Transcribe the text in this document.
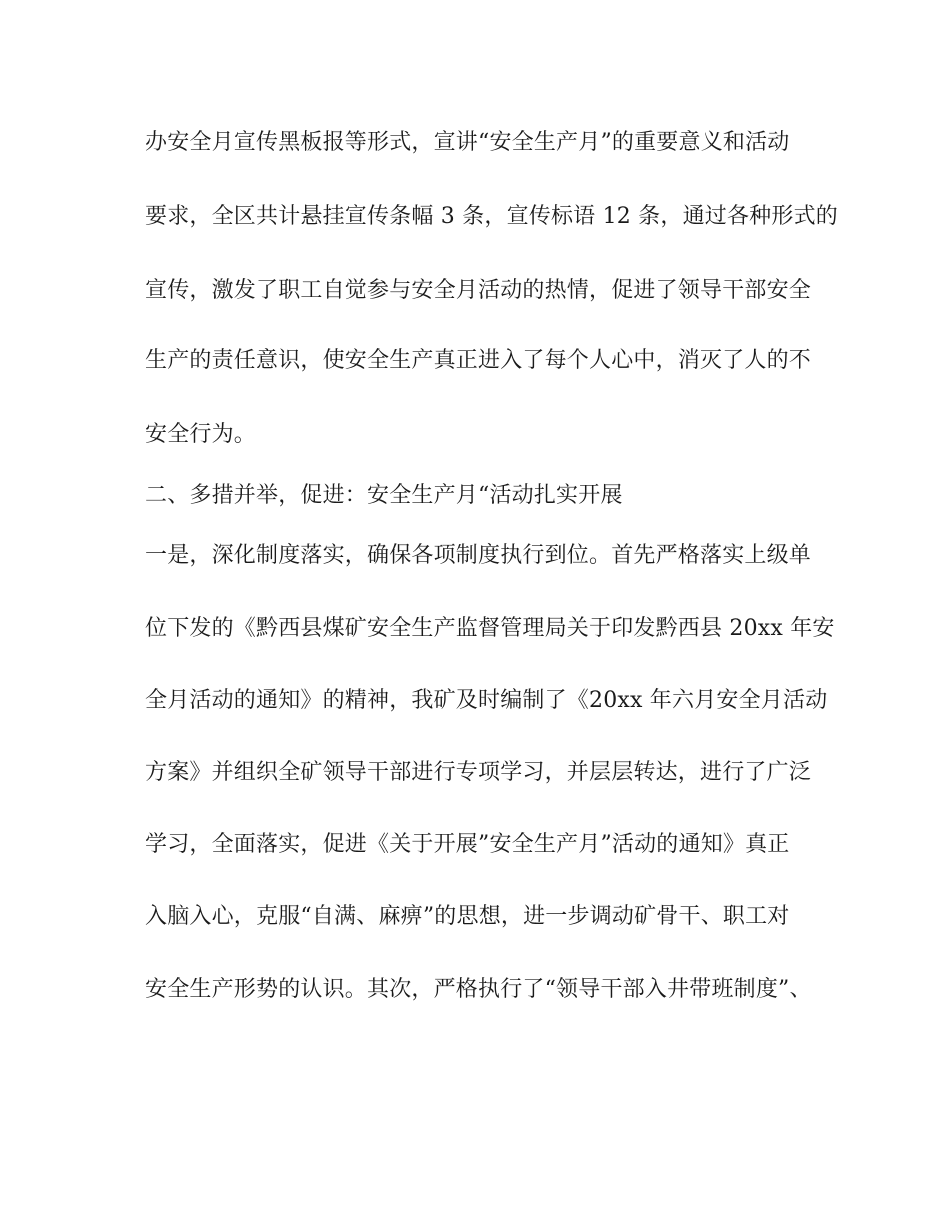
办安全月宣传黑板报等形式，宣讲“安全生产月”的重要意义和活动
要求，全区共计悬挂宣传条幅 3 条，宣传标语 12 条，通过各种形式的
宣传，激发了职工自觉参与安全月活动的热情，促进了领导干部安全
生产的责任意识，使安全生产真正进入了每个人心中，消灭了人的不
安全行为。
二、多措并举，促进：安全生产月“活动扎实开展
一是，深化制度落实，确保各项制度执行到位。首先严格落实上级单
位下发的《黔西县煤矿安全生产监督管理局关于印发黔西县 20xx 年安
全月活动的通知》的精神，我矿及时编制了《20xx 年六月安全月活动
方案》并组织全矿领导干部进行专项学习，并层层转达，进行了广泛
学习，全面落实，促进《关于开展”安全生产月”活动的通知》真正
入脑入心，克服“自满、麻痹”的思想，进一步调动矿骨干、职工对
安全生产形势的认识。其次，严格执行了“领导干部入井带班制度”、
